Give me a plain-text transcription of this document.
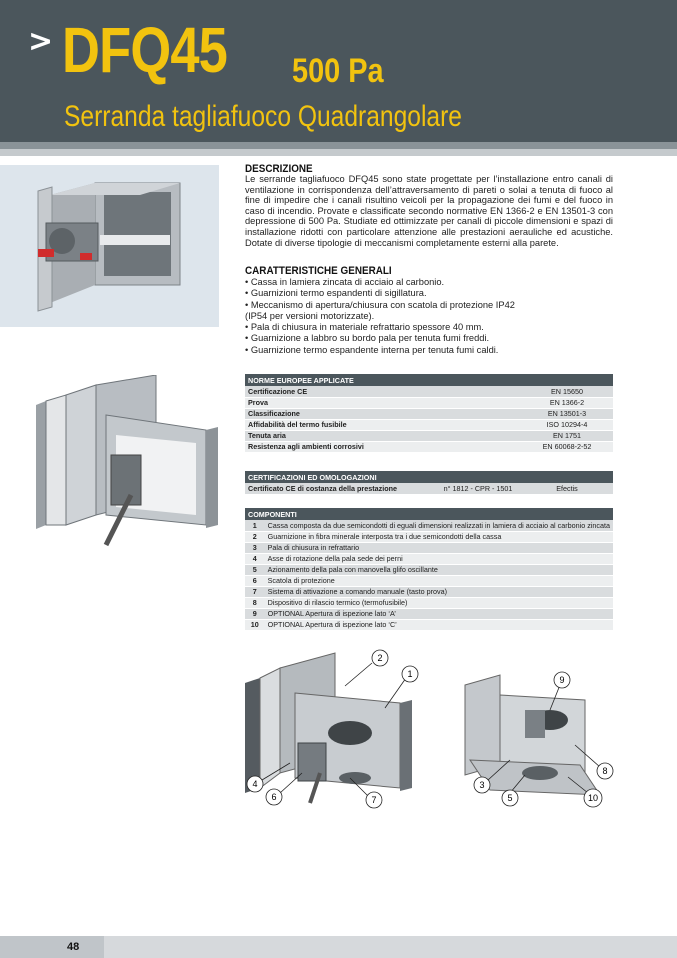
> DFQ45 500 Pa
Serranda tagliafuoco Quadrangolare
DESCRIZIONE
Le serrande tagliafuoco DFQ45 sono state progettate per l’installazione entro canali di ventilazione in corrispondenza dell’attraversamento di pareti o solai a tenuta di fuoco al fine di impedire che i canali risultino veicoli per la propagazione dei fumi e del fuoco in caso di incendio. Provate e classificate secondo normative EN 1366-2 e EN 13501-3 con depressione di 500 Pa. Studiate ed ottimizzate per canali di piccole dimensioni e spazi di installazione ridotti con particolare attenzione alle prestazioni aerauliche ed acustiche. Dotate di diverse tipologie di meccanismi completamente esterni alla parete.
CARATTERISTICHE GENERALI
• Cassa in lamiera zincata di acciaio al carbonio.
• Guarnizioni termo espandenti di sigillatura.
• Meccanismo di apertura/chiusura con scatola di protezione IP42
(IP54 per versioni motorizzate).
• Pala di chiusura in materiale refrattario spessore 40 mm.
• Guarnizione a labbro su bordo pala per tenuta fumi freddi.
• Guarnizione termo espandente interna per tenuta fumi caldi.
NORME EUROPEE APPLICATE	
Certificazione CE	EN 15650
Prova	EN 1366-2
Classificazione	EN 13501-3
Affidabilità del termo fusibile	ISO 10294-4
Tenuta aria	EN 1751
Resistenza agli ambienti corrosivi	EN 60068-2-52
CERTIFICAZIONI ED OMOLOGAZIONI
Certificato CE di costanza della prestazione	n° 1812 - CPR - 1501	Efectis
COMPONENTI	
1	Cassa composta da due semicondotti di eguali dimensioni realizzati in lamiera di acciaio al carbonio zincata
2	Guarnizione in fibra minerale interposta tra i due semicondotti della cassa
3	Pala di chiusura in refrattario
4	Asse di rotazione della pala sede dei perni
5	Azionamento della pala con manovella glifo oscillante
6	Scatola di protezione
7	Sistema di attivazione a comando manuale (tasto prova)
8	Dispositivo di rilascio termico (termofusibile)
9	OPTIONAL Apertura di ispezione lato ‘A’
10	OPTIONAL Apertura di ispezione lato ‘C’
2
1
4
6	7
9
8
3
5	10
48
